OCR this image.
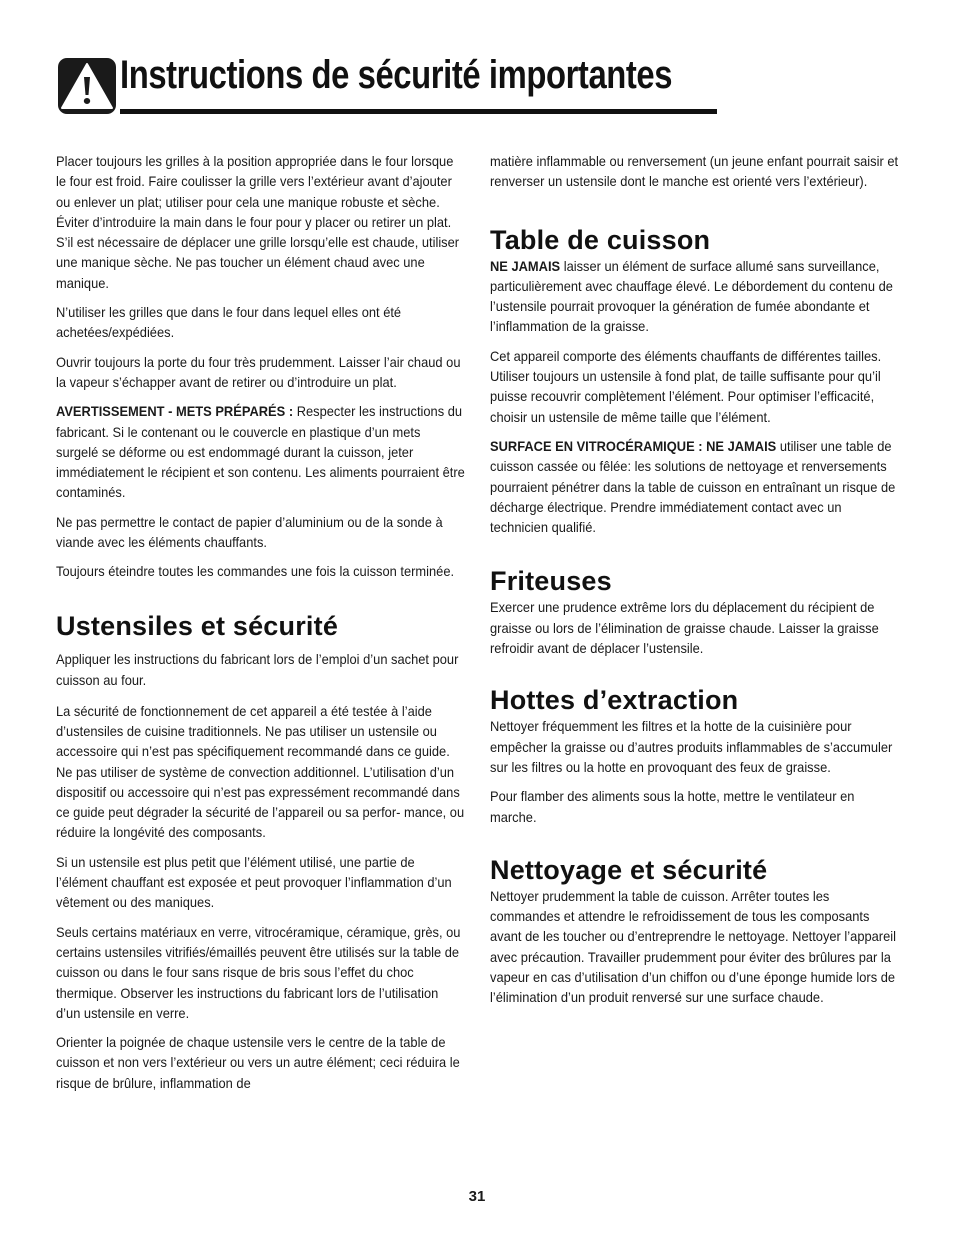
Instructions de sécurité importantes

Placer toujours les grilles à la position appropriée dans le four lorsque le four est froid. Faire coulisser la grille vers l’extérieur avant d’ajouter ou enlever un plat; utiliser pour cela une manique robuste et sèche. Éviter d’introduire la main dans le four pour y placer ou retirer un plat. S’il est nécessaire de déplacer une grille lorsqu’elle est chaude, utiliser une manique sèche. Ne pas toucher un élément chaud avec une manique.

N’utiliser les grilles que dans le four dans lequel elles ont été achetées/expédiées.

Ouvrir toujours la porte du four très prudemment. Laisser l’air chaud ou la vapeur s’échapper avant de retirer ou d’introduire un plat.

AVERTISSEMENT - METS PRÉPARÉS : Respecter les instructions du fabricant. Si le contenant ou le couvercle en plastique d’un mets surgelé se déforme ou est endommagé durant la cuisson, jeter immédiatement le récipient et son contenu. Les aliments pourraient être contaminés.

Ne pas permettre le contact de papier d’aluminium ou de la sonde à viande avec les éléments chauffants.

Toujours éteindre toutes les commandes une fois la cuisson terminée.

Ustensiles et sécurité

Appliquer les instructions du fabricant lors de l’emploi d’un sachet pour cuisson au four.

La sécurité de fonctionnement de cet appareil a été testée à l’aide d’ustensiles de cuisine traditionnels. Ne pas utiliser un ustensile ou accessoire qui n’est pas spécifiquement recommandé dans ce guide. Ne pas utiliser de système de convection additionnel. L’utilisation d’un dispositif ou accessoire qui n’est pas expressément recommandé dans ce guide peut dégrader la sécurité de l’appareil ou sa perfor- mance, ou réduire la longévité des composants.

Si un ustensile est plus petit que l’élément utilisé, une partie de l’élément chauffant est exposée et peut provoquer l’inflammation d’un vêtement ou des maniques.

Seuls certains matériaux en verre, vitrocéramique, céramique, grès, ou certains ustensiles vitrifiés/émaillés peuvent être utilisés sur la table de cuisson ou dans le four sans risque de bris sous l’effet du choc thermique. Observer les instructions du fabricant lors de l’utilisation d’un ustensile en verre.

Orienter la poignée de chaque ustensile vers le centre de la table de cuisson et non vers l’extérieur ou vers un autre élément; ceci réduira le risque de brûlure, inflammation de

matière inflammable ou renversement (un jeune enfant pourrait saisir et renverser un ustensile dont le manche est orienté vers l’extérieur).

Table de cuisson

NE JAMAIS laisser un élément de surface allumé sans surveillance, particulièrement avec chauffage élevé. Le débordement du contenu de l’ustensile pourrait provoquer la génération de fumée abondante et l’inflammation de la graisse.

Cet appareil comporte des éléments chauffants de différentes tailles. Utiliser toujours un ustensile à fond plat, de taille suffisante pour qu’il puisse recouvrir complètement l’élément. Pour optimiser l’efficacité, choisir un ustensile de même taille que l’élément.

SURFACE EN VITROCÉRAMIQUE : NE JAMAIS utiliser une table de cuisson cassée ou fêlée: les solutions de nettoyage et renversements pourraient pénétrer dans la table de cuisson en entraînant un risque de décharge électrique. Prendre immédiatement contact avec un technicien qualifié.

Friteuses

Exercer une prudence extrême lors du déplacement du récipient de graisse ou lors de l’élimination de graisse chaude. Laisser la graisse refroidir avant de déplacer l’ustensile.

Hottes d’extraction

Nettoyer fréquemment les filtres et la hotte de la cuisinière pour empêcher la graisse ou d’autres produits inflammables de s’accumuler sur les filtres ou la hotte en provoquant des feux de graisse.

Pour flamber des aliments sous la hotte, mettre le ventilateur en marche.

Nettoyage et sécurité

Nettoyer prudemment la table de cuisson. Arrêter toutes les commandes et attendre le refroidissement de tous les composants avant de les toucher ou d’entreprendre le nettoyage. Nettoyer l’appareil avec précaution. Travailler prudemment pour éviter des brûlures par la vapeur en cas d’utilisation d’un chiffon ou d’une éponge humide lors de l’élimination d’un produit renversé sur une surface chaude.

31
